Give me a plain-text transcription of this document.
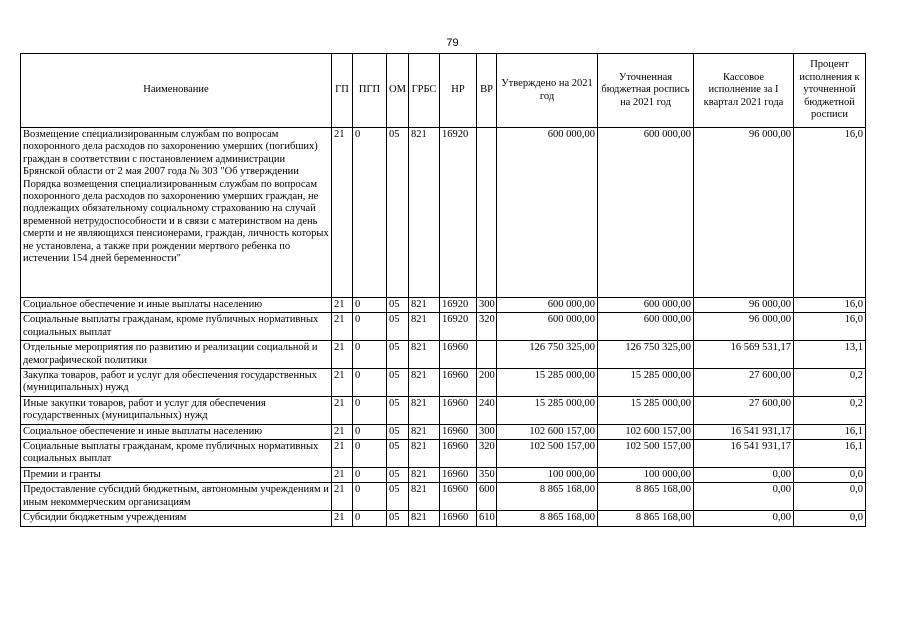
79
Наименование	ГП	ПГП	ОМ	ГРБС	НР	ВР	Утверждено на 2021 год	Уточненная бюджетная роспись на 2021 год	Кассовое исполнение за I квартал 2021 года	Процент исполнения к уточненной бюджетной росписи
Возмещение специализированным службам по вопросам похоронного дела расходов по захоронению умерших (погибших) граждан в соответствии с постановлением администрации Брянской области от 2 мая 2007 года № 303 "Об утверждении Порядка возмещения специализированным службам по вопросам похоронного дела расходов по захоронению умерших граждан, не подлежащих обязательному социальному страхованию на случай временной нетрудоспособности и в связи с материнством на день смерти и не являющихся пенсионерами, граждан, личность которых не установлена, а также при рождении мертвого ребенка по истечении 154 дней беременности"	21	0	05	821	16920		600 000,00	600 000,00	96 000,00	16,0
Социальное обеспечение и иные выплаты населению	21	0	05	821	16920	300	600 000,00	600 000,00	96 000,00	16,0
Социальные выплаты гражданам, кроме публичных нормативных социальных выплат	21	0	05	821	16920	320	600 000,00	600 000,00	96 000,00	16,0
Отдельные мероприятия по развитию и реализации социальной и демографической политики	21	0	05	821	16960		126 750 325,00	126 750 325,00	16 569 531,17	13,1
Закупка товаров, работ и услуг для обеспечения государственных (муниципальных) нужд	21	0	05	821	16960	200	15 285 000,00	15 285 000,00	27 600,00	0,2
Иные закупки товаров, работ и услуг для обеспечения государственных (муниципальных) нужд	21	0	05	821	16960	240	15 285 000,00	15 285 000,00	27 600,00	0,2
Социальное обеспечение и иные выплаты населению	21	0	05	821	16960	300	102 600 157,00	102 600 157,00	16 541 931,17	16,1
Социальные выплаты гражданам, кроме публичных нормативных социальных выплат	21	0	05	821	16960	320	102 500 157,00	102 500 157,00	16 541 931,17	16,1
Премии и гранты	21	0	05	821	16960	350	100 000,00	100 000,00	0,00	0,0
Предоставление субсидий бюджетным, автономным учреждениям и иным некоммерческим организациям	21	0	05	821	16960	600	8 865 168,00	8 865 168,00	0,00	0,0
Субсидии бюджетным учреждениям	21	0	05	821	16960	610	8 865 168,00	8 865 168,00	0,00	0,0
